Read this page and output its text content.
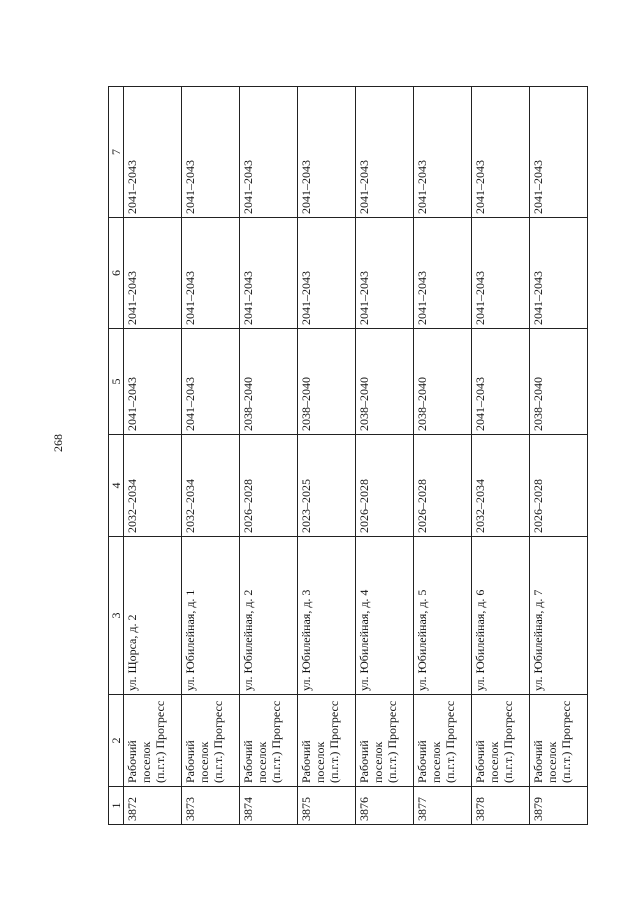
268
1	2	3	4	5	6	7
3872	Рабочий поселок (п.г.т.) Прогресс	ул. Щорса, д. 2	2032–2034	2041–2043	2041–2043	2041–2043
3873	Рабочий поселок (п.г.т.) Прогресс	ул. Юбилейная, д. 1	2032–2034	2041–2043	2041–2043	2041–2043
3874	Рабочий поселок (п.г.т.) Прогресс	ул. Юбилейная, д. 2	2026–2028	2038–2040	2041–2043	2041–2043
3875	Рабочий поселок (п.г.т.) Прогресс	ул. Юбилейная, д. 3	2023–2025	2038–2040	2041–2043	2041–2043
3876	Рабочий поселок (п.г.т.) Прогресс	ул. Юбилейная, д. 4	2026–2028	2038–2040	2041–2043	2041–2043
3877	Рабочий поселок (п.г.т.) Прогресс	ул. Юбилейная, д. 5	2026–2028	2038–2040	2041–2043	2041–2043
3878	Рабочий поселок (п.г.т.) Прогресс	ул. Юбилейная, д. 6	2032–2034	2041–2043	2041–2043	2041–2043
3879	Рабочий поселок (п.г.т.) Прогресс	ул. Юбилейная, д. 7	2026–2028	2038–2040	2041–2043	2041–2043
